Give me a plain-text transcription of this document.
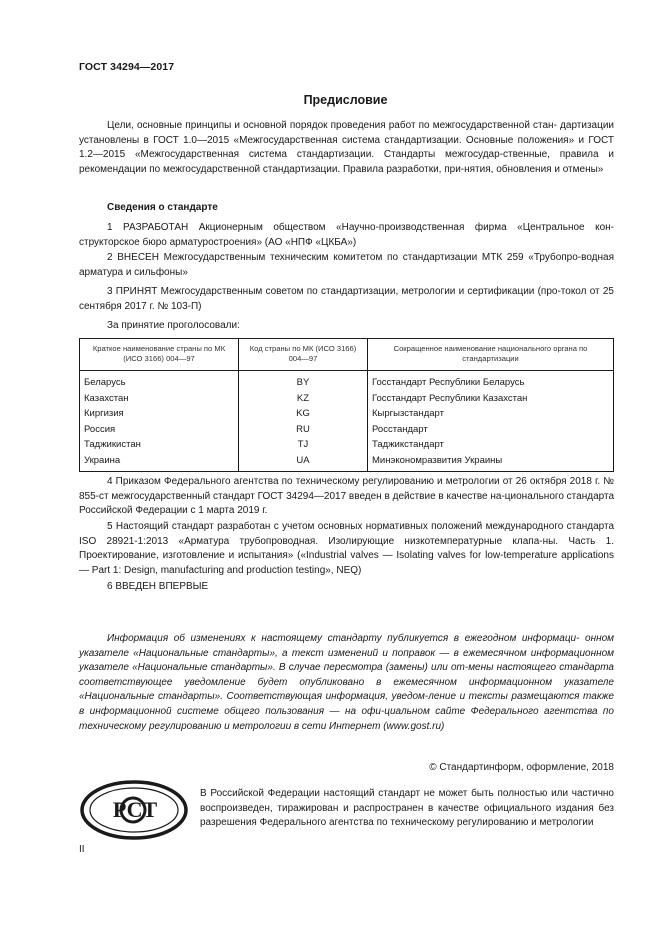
ГОСТ 34294—2017
Предисловие
Цели, основные принципы и основной порядок проведения работ по межгосударственной стан- дартизации установлены в ГОСТ 1.0—2015 «Межгосударственная система стандартизации. Основные положения» и ГОСТ 1.2—2015 «Межгосударственная система стандартизации. Стандарты межгосудар-ственные, правила и рекомендации по межгосударственной стандартизации. Правила разработки, при-нятия, обновления и отмены»
Сведения о стандарте
1 РАЗРАБОТАН Акционерным обществом «Научно-производственная фирма «Центральное кон-структорское бюро арматуростроения» (АО «НПФ «ЦКБА»)
2 ВНЕСЕН Межгосударственным техническим комитетом по стандартизации МТК 259 «Трубопро-водная арматура и сильфоны»
3 ПРИНЯТ Межгосударственным советом по стандартизации, метрологии и сертификации (про-токол от 25 сентября 2017 г. № 103-П)
За принятие проголосовали:
Краткое наименование страны по МК (ИСО 3166) 004—97	Код страны по МК (ИСО 3166) 004—97	Сокращенное наименование национального органа по стандартизации
Беларусь	BY	Госстандарт Республики Беларусь
Казахстан	KZ	Госстандарт Республики Казахстан
Киргизия	KG	Кыргызстандарт
Россия	RU	Росстандарт
Таджикистан	TJ	Таджикстандарт
Украина	UA	Минэкономразвития Украины
4 Приказом Федерального агентства по техническому регулированию и метрологии от 26 октября 2018 г. № 855-ст межгосударственный стандарт ГОСТ 34294—2017 введен в действие в качестве на-ционального стандарта Российской Федерации с 1 марта 2019 г.
5 Настоящий стандарт разработан с учетом основных нормативных положений международного стандарта ISO 28921-1:2013 «Арматура трубопроводная. Изолирующие низкотемпературные клапа-ны. Часть 1. Проектирование, изготовление и испытания» («Industrial valves — Isolating valves for low-temperature applications — Part 1: Design, manufacturing and production testing», NEQ)
6 ВВЕДЕН ВПЕРВЫЕ
Информация об изменениях к настоящему стандарту публикуется в ежегодном информаци- онном указателе «Национальные стандарты», а текст изменений и поправок — в ежемесячном информационном указателе «Национальные стандарты». В случае пересмотра (замены) или от-мены настоящего стандарта соответствующее уведомление будет опубликовано в ежемесячном информационном указателе «Национальные стандарты». Соответствующая информация, уведом-ление и тексты размещаются также в информационной системе общего пользования — на офи-циальном сайте Федерального агентства по техническому регулированию и метрологии в сети Интернет (www.gost.ru)
© Стандартинформ, оформление, 2018
РСТ
В Российской Федерации настоящий стандарт не может быть полностью или частично воспроизведен, тиражирован и распространен в качестве официального издания без разрешения Федерального агентства по техническому регулированию и метрологии
II
